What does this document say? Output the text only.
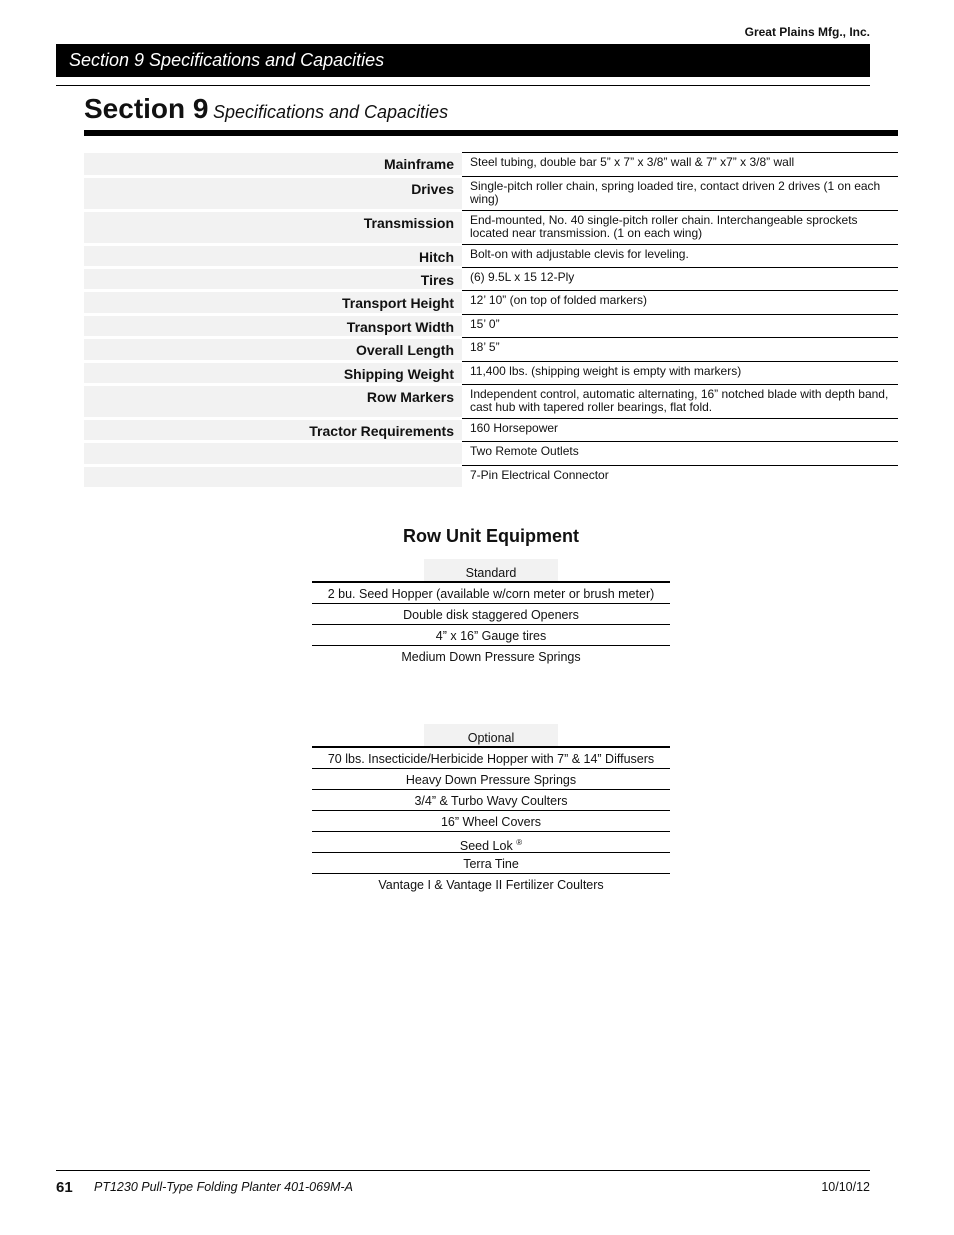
Great Plains Mfg., Inc.
Section 9 Specifications and Capacities
Section 9 Specifications and Capacities
Mainframe	Steel tubing, double bar 5” x 7” x 3/8” wall & 7” x7” x 3/8” wall
Drives	Single-pitch roller chain, spring loaded tire, contact driven 2 drives (1 on each wing)
Transmission	End-mounted, No. 40 single-pitch roller chain. Interchangeable sprockets located near transmission. (1 on each wing)
Hitch	Bolt-on with adjustable clevis for leveling.
Tires	(6) 9.5L x 15 12-Ply
Transport Height	12’ 10” (on top of folded markers)
Transport Width	15’ 0”
Overall Length	18’ 5”
Shipping Weight	11,400 lbs. (shipping weight is empty with markers)
Row Markers	Independent control, automatic alternating, 16” notched blade with depth band, cast hub with tapered roller bearings, flat fold.
Tractor Requirements	160 Horsepower
	Two Remote Outlets
	7-Pin Electrical Connector
Row Unit Equipment
Standard
2 bu. Seed Hopper (available w/corn meter or brush meter)
Double disk staggered Openers
4” x 16” Gauge tires
Medium Down Pressure Springs
Optional
70 lbs. Insecticide/Herbicide Hopper with 7” & 14” Diffusers
Heavy Down Pressure Springs
3/4” & Turbo Wavy Coulters
16” Wheel Covers
Seed Lok ®
Terra Tine
Vantage I & Vantage II Fertilizer Coulters
61 PT1230 Pull-Type Folding Planter 401-069M-A	10/10/12
